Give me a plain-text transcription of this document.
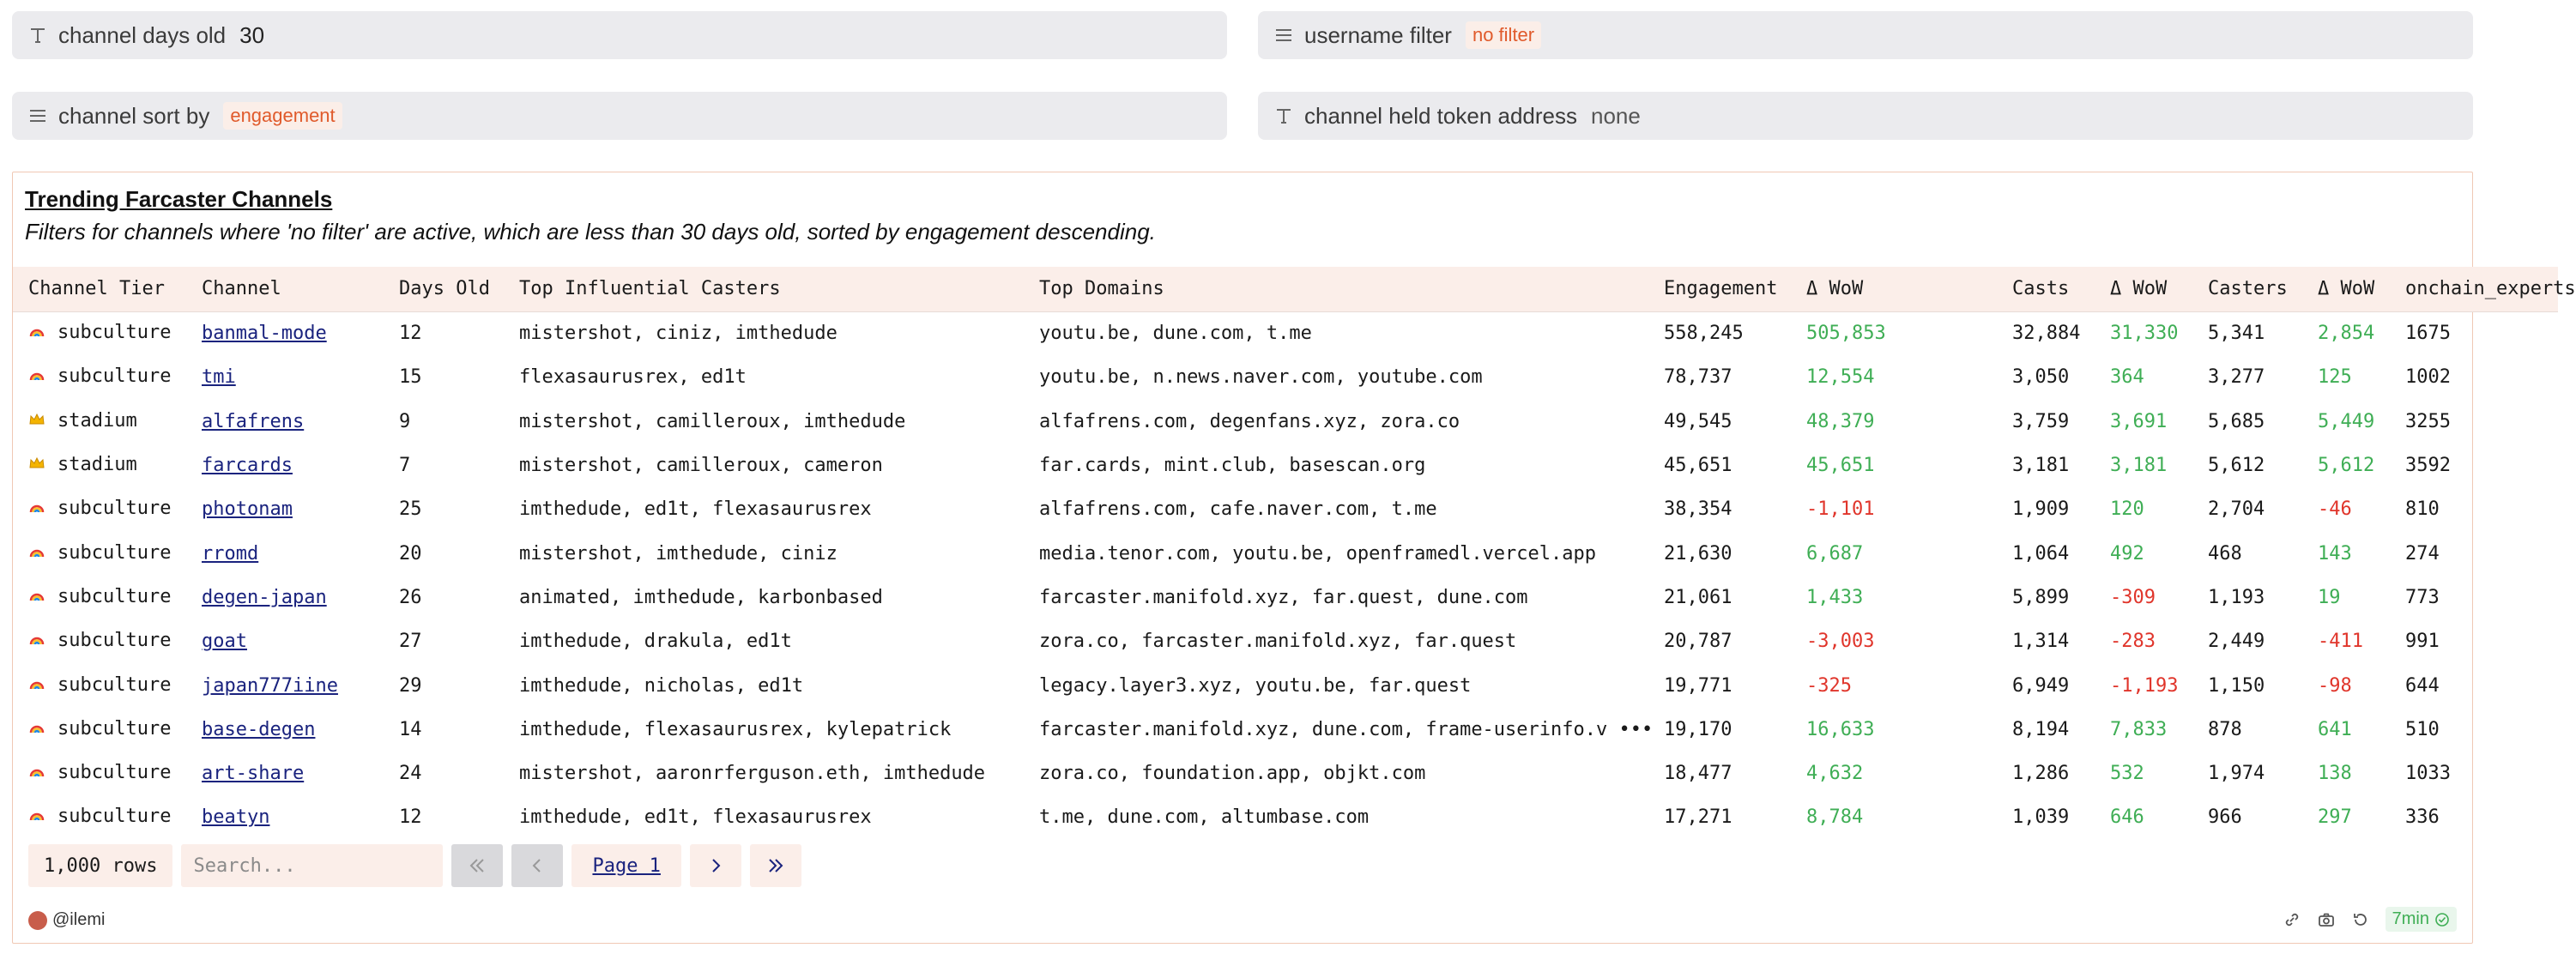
channel days old 30	username filter	no filter
channel sort by	engagement	channel held token address none
Trending Farcaster Channels
Filters for channels where 'no filter' are active, which are less than 30 days old, sorted by engagement descending.
Channel Tier	Channel	Days Old	Top Influential Casters	Top Domains	Engagement	Δ WoW	Casts	Δ WoW	Casters	Δ WoW	onchain_experts
subculture	banmal-mode	12	mistershot, ciniz, imthedude	youtu.be, dune.com, t.me	558,245	505,853	32,884	31,330	5,341	2,854	1675
subculture	tmi	15	flexasaurusrex, ed1t	youtu.be, n.news.naver.com, youtube.com	78,737	12,554	3,050	364	3,277	125	1002
stadium	alfafrens	9	mistershot, camilleroux, imthedude	alfafrens.com, degenfans.xyz, zora.co	49,545	48,379	3,759	3,691	5,685	5,449	3255
stadium	farcards	7	mistershot, camilleroux, cameron	far.cards, mint.club, basescan.org	45,651	45,651	3,181	3,181	5,612	5,612	3592
subculture	photonam	25	imthedude, ed1t, flexasaurusrex	alfafrens.com, cafe.naver.com, t.me	38,354	-1,101	1,909	120	2,704	-46	810
subculture	rromd	20	mistershot, imthedude, ciniz	media.tenor.com, youtu.be, openframedl.vercel.app	21,630	6,687	1,064	492	468	143	274
subculture	degen-japan	26	animated, imthedude, karbonbased	farcaster.manifold.xyz, far.quest, dune.com	21,061	1,433	5,899	-309	1,193	19	773
subculture	goat	27	imthedude, drakula, ed1t	zora.co, farcaster.manifold.xyz, far.quest	20,787	-3,003	1,314	-283	2,449	-411	991
subculture	japan777iine	29	imthedude, nicholas, ed1t	legacy.layer3.xyz, youtu.be, far.quest	19,771	-325	6,949	-1,193	1,150	-98	644
subculture	base-degen	14	imthedude, flexasaurusrex, kylepatrick	farcaster.manifold.xyz, dune.com, frame-userinfo.v •••	19,170	16,633	8,194	7,833	878	641	510
subculture	art-share	24	mistershot, aaronrferguson.eth, imthedude	zora.co, foundation.app, objkt.com	18,477	4,632	1,286	532	1,974	138	1033
subculture	beatyn	12	imthedude, ed1t, flexasaurusrex	t.me, dune.com, altumbase.com	17,271	8,784	1,039	646	966	297	336
1,000 rows
Search...	Page 1
@ilemi	7min
